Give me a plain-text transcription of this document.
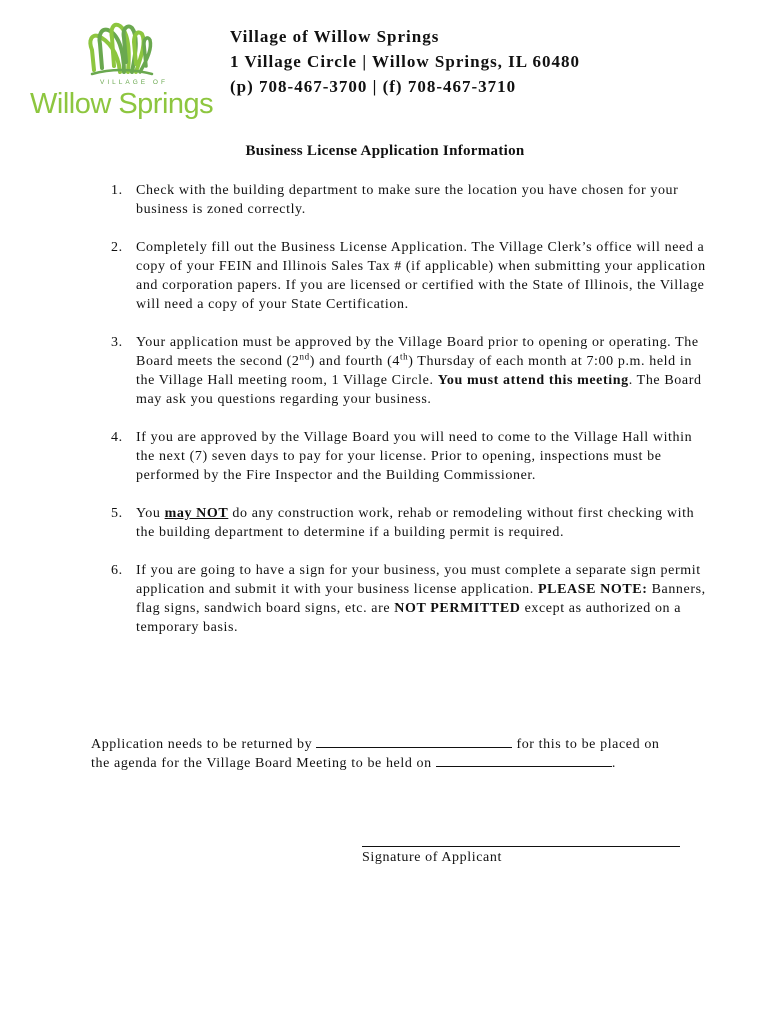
VILLAGE OF
Willow Springs
Village of Willow Springs
1 Village Circle | Willow Springs, IL 60480
(p) 708-467-3700 | (f) 708-467-3710
Business License Application Information
1. Check with the building department to make sure the location you have chosen for your business is zoned correctly.
2. Completely fill out the Business License Application. The Village Clerk’s office will need a copy of your FEIN and Illinois Sales Tax # (if applicable) when submitting your application and corporation papers. If you are licensed or certified with the State of Illinois, the Village will need a copy of your State Certification.
3. Your application must be approved by the Village Board prior to opening or operating. The Board meets the second (2nd) and fourth (4th) Thursday of each month at 7:00 p.m. held in the Village Hall meeting room, 1 Village Circle. You must attend this meeting. The Board may ask you questions regarding your business.
4. If you are approved by the Village Board you will need to come to the Village Hall within the next (7) seven days to pay for your license. Prior to opening, inspections must be performed by the Fire Inspector and the Building Commissioner.
5. You may NOT do any construction work, rehab or remodeling without first checking with the building department to determine if a building permit is required.
6. If you are going to have a sign for your business, you must complete a separate sign permit application and submit it with your business license application. PLEASE NOTE: Banners, flag signs, sandwich board signs, etc. are NOT PERMITTED except as authorized on a temporary basis.
Application needs to be returned by	for this to be placed on the agenda for the Village Board Meeting to be held on	.
Signature of Applicant
